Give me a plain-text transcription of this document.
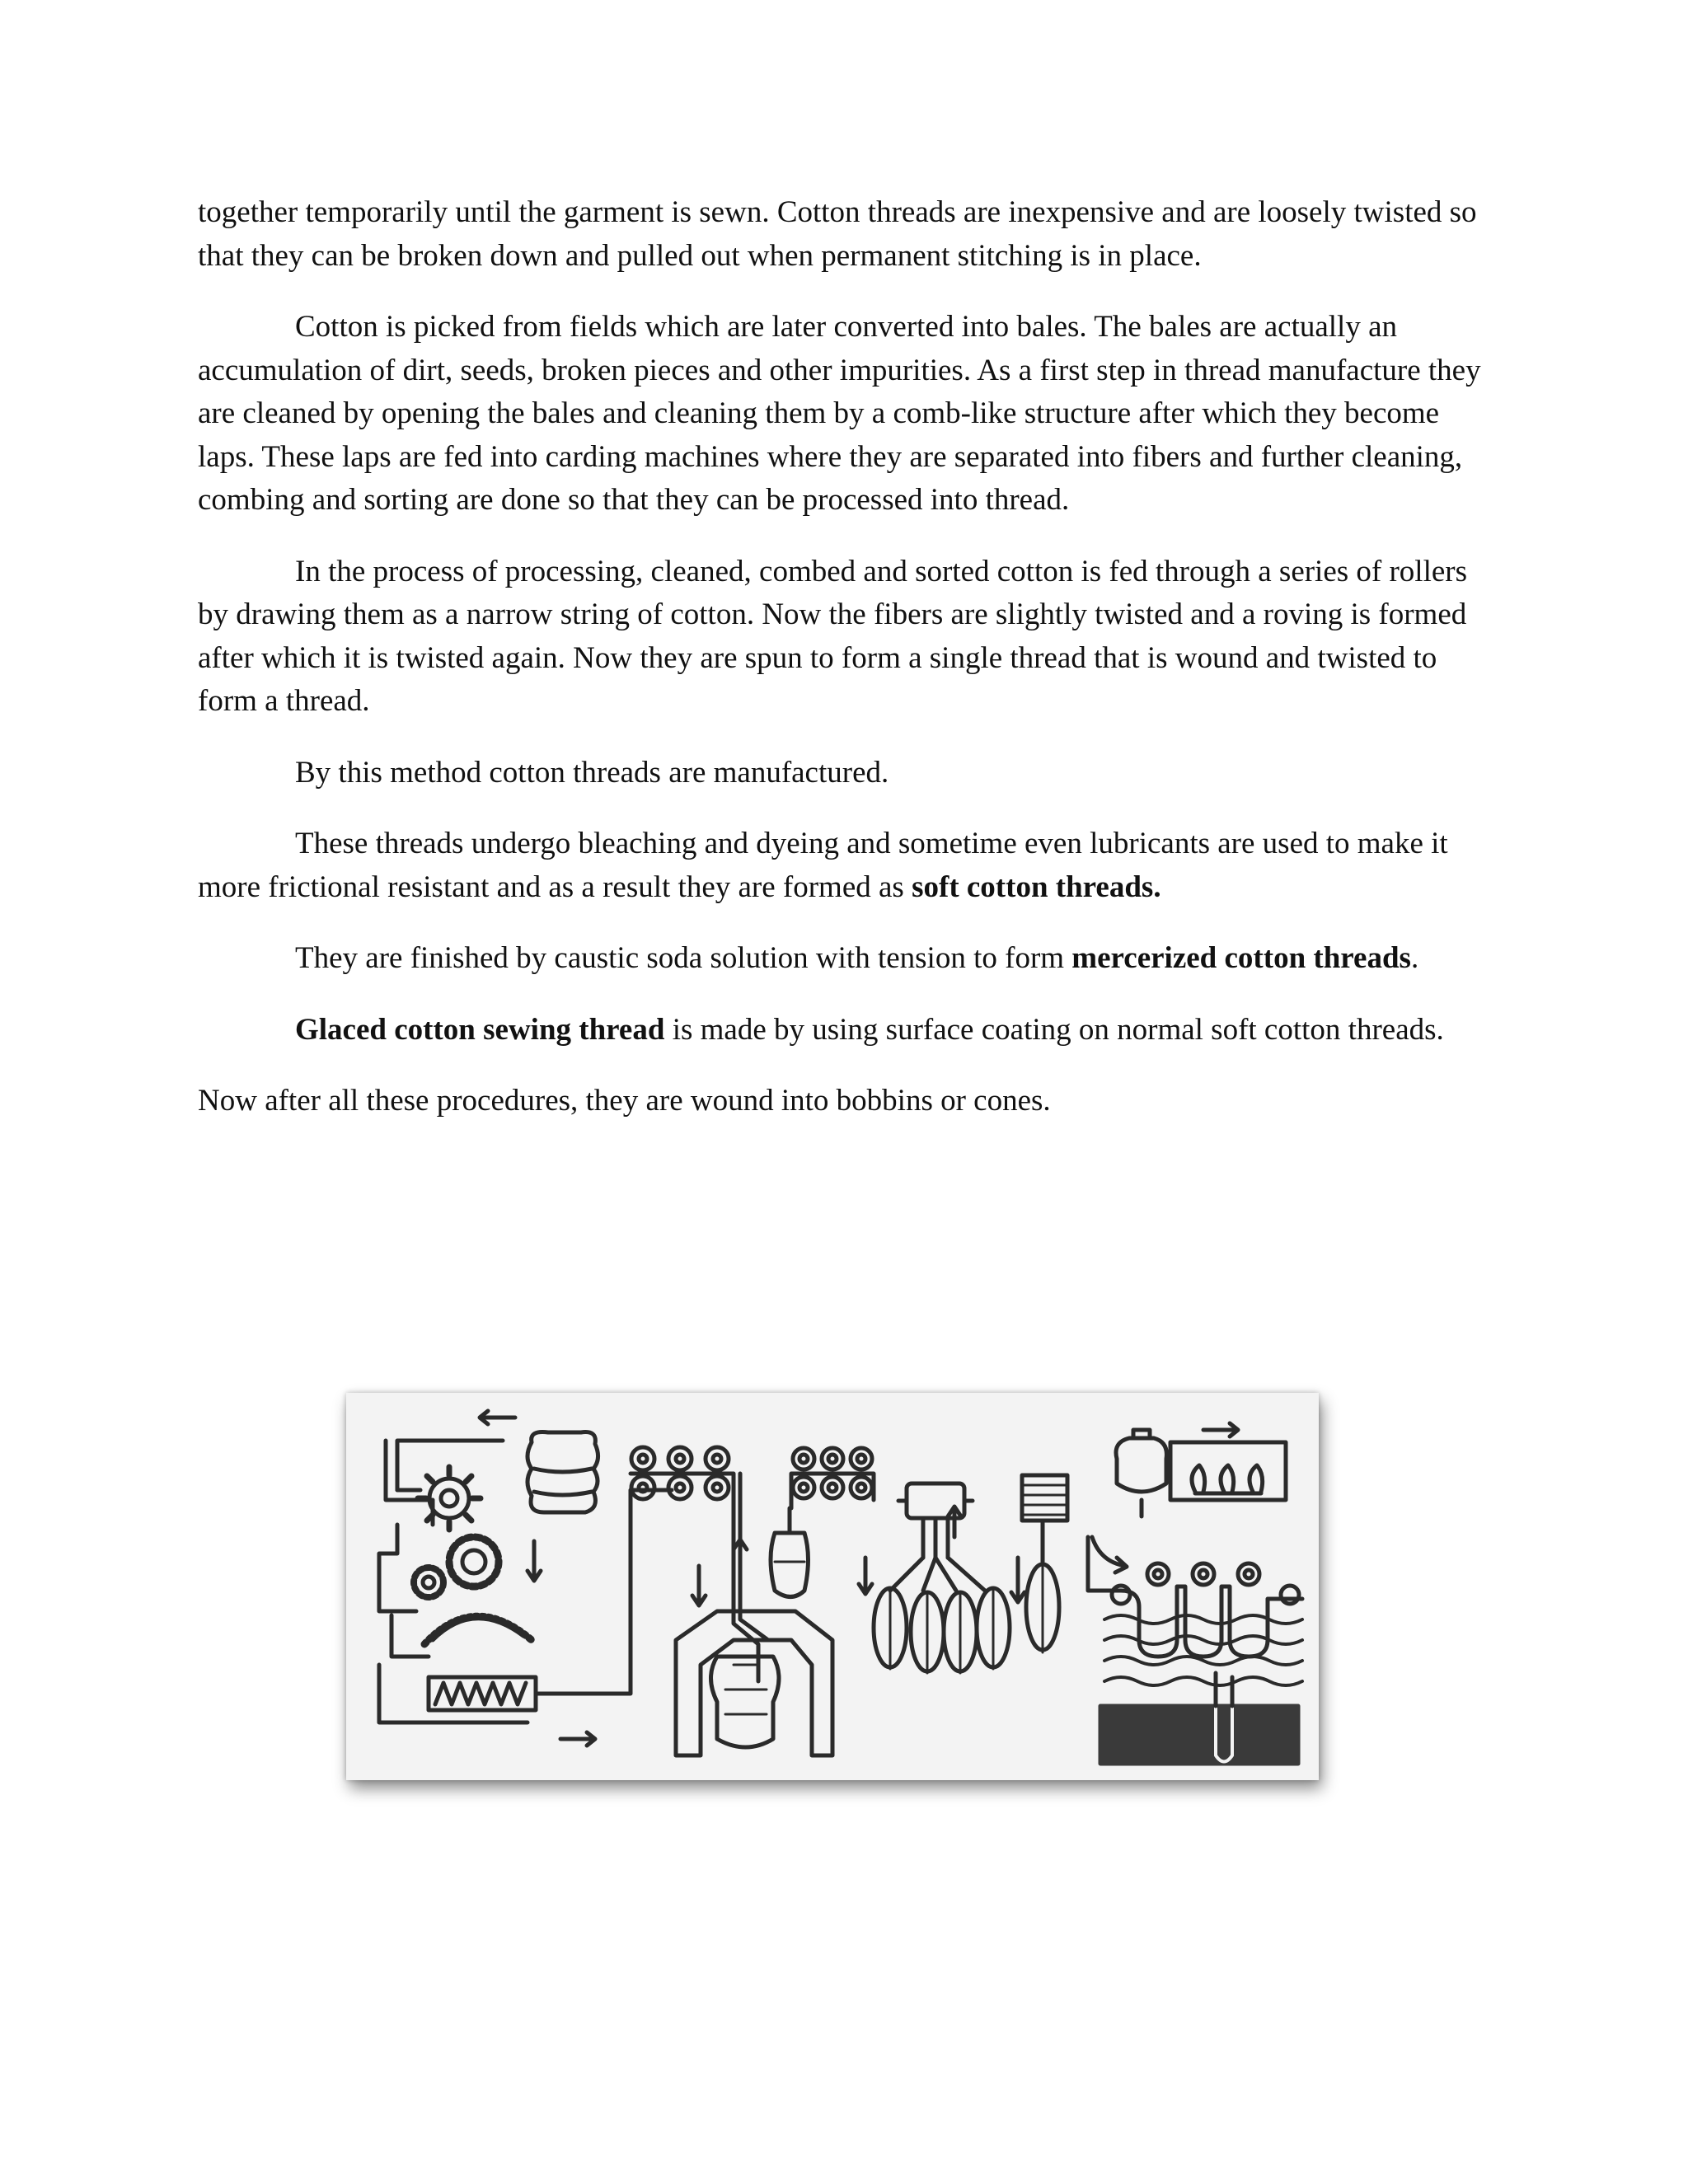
together temporarily until the garment is sewn. Cotton threads are inexpensive and are loosely twisted so that they can be broken down and pulled out when permanent stitching is in place.

Cotton is picked from fields which are later converted into bales. The bales are actually an accumulation of dirt, seeds, broken pieces and other impurities. As a first step in thread manufacture they are cleaned by opening the bales and cleaning them by a comb-like structure after which they become laps. These laps are fed into carding machines where they are separated into fibers and further cleaning, combing and sorting are done so that they can be processed into thread.

In the process of processing, cleaned, combed and sorted cotton is fed through a series of rollers by drawing them as a narrow string of cotton. Now the fibers are slightly twisted and a roving is formed after which it is twisted again. Now they are spun to form a single thread that is wound and twisted to form a thread.

By this method cotton threads are manufactured.

These threads undergo bleaching and dyeing and sometime even lubricants are used to make it more frictional resistant and as a result they are formed as soft cotton threads.

They are finished by caustic soda solution with tension to form mercerized cotton threads.

Glaced cotton sewing thread is made by using surface coating on normal soft cotton threads.

Now after all these procedures, they are wound into bobbins or cones.
